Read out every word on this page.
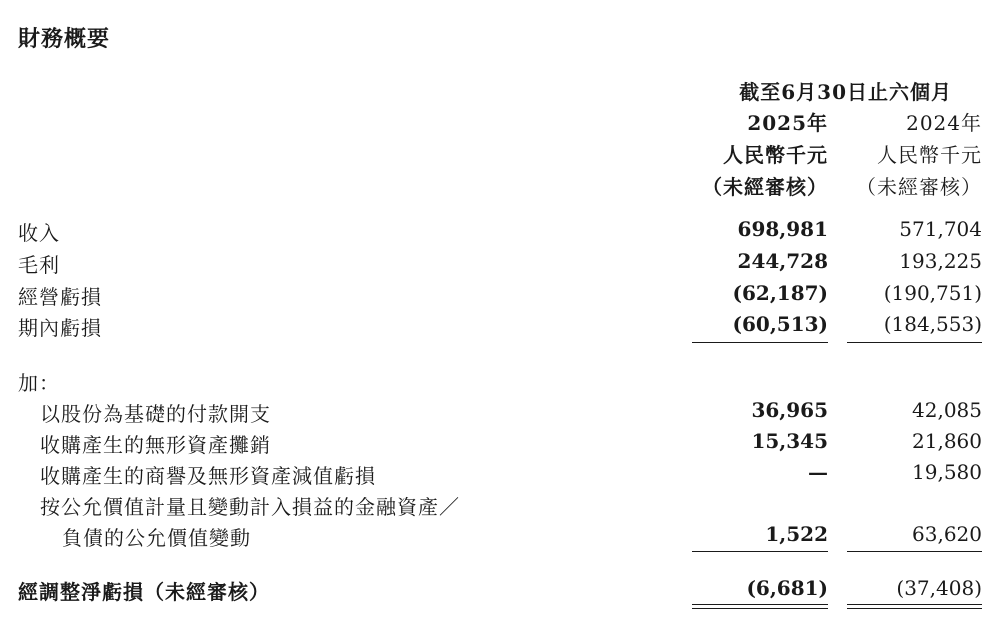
財務概要
截至6月30日止六個月
2025年	2024年
人民幣千元 人民幣千元
（未經審核） （未經審核）
收入	698,981	571,704
毛利	244,728	193,225
經營虧損	(62,187)	(190,751)
期內虧損	(60,513)	(184,553)
加：
以股份為基礎的付款開支	36,965	42,085
收購產生的無形資產攤銷	15,345	21,860
收購產生的商譽及無形資產減值虧損	—	19,580
按公允價值計量且變動計入損益的金融資產／
負債的公允價值變動	1,522	63,620
經調整淨虧損（未經審核）	(6,681)	(37,408)
